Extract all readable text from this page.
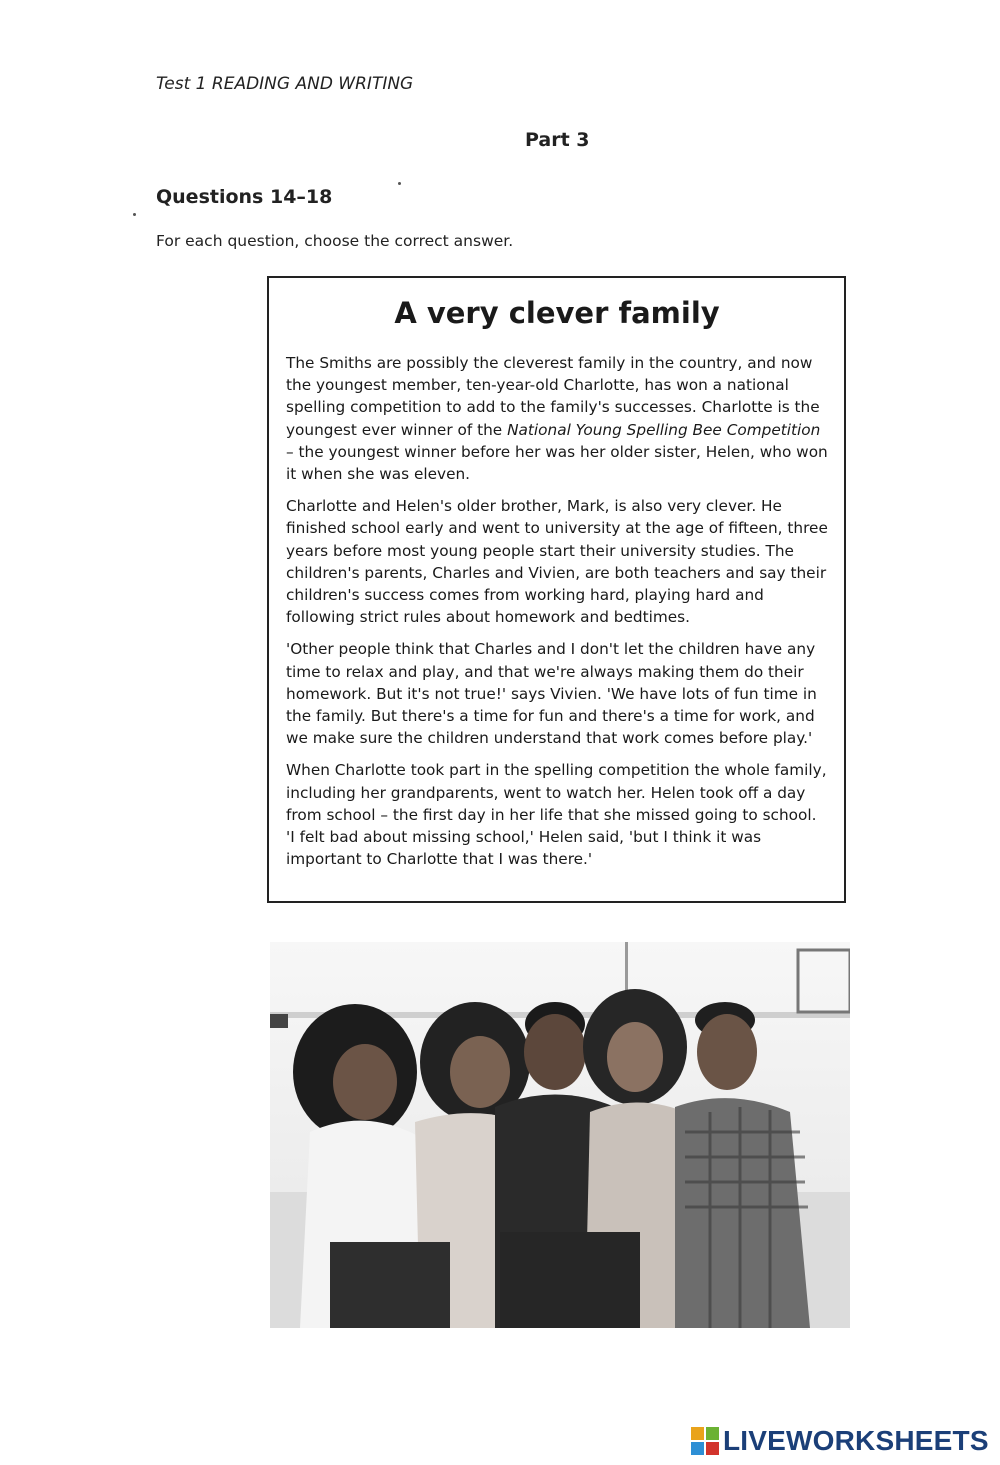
Test 1 READING AND WRITING
Part 3
Questions 14–18
For each question, choose the correct answer.
A very clever family

The Smiths are possibly the cleverest family in the country, and now the youngest member, ten-year-old Charlotte, has won a national spelling competition to add to the family's successes. Charlotte is the youngest ever winner of the National Young Spelling Bee Competition – the youngest winner before her was her older sister, Helen, who won it when she was eleven.

Charlotte and Helen's older brother, Mark, is also very clever. He finished school early and went to university at the age of fifteen, three years before most young people start their university studies. The children's parents, Charles and Vivien, are both teachers and say their children's success comes from working hard, playing hard and following strict rules about homework and bedtimes.

'Other people think that Charles and I don't let the children have any time to relax and play, and that we're always making them do their homework. But it's not true!' says Vivien. 'We have lots of fun time in the family. But there's a time for fun and there's a time for work, and we make sure the children understand that work comes before play.'

When Charlotte took part in the spelling competition the whole family, including her grandparents, went to watch her. Helen took off a day from school – the first day in her life that she missed going to school. 'I felt bad about missing school,' Helen said, 'but I think it was important to Charlotte that I was there.'

LIVEWORKSHEETS
